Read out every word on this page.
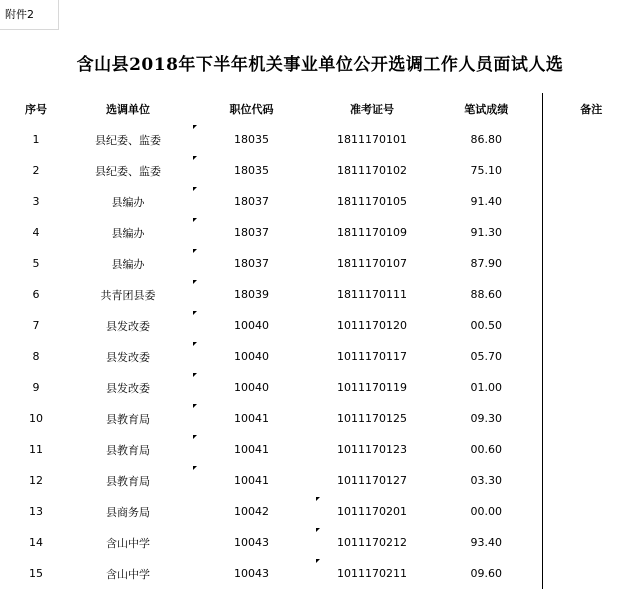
附件2
含山县2018年下半年机关事业单位公开选调工作人员面试人选
序号	选调单位	职位代码	准考证号	笔试成绩	备注
1	县纪委、监委	18035	1811170101	86.80	
2	县纪委、监委	18035	1811170102	75.10	
3	县编办	18037	1811170105	91.40	
4	县编办	18037	1811170109	91.30	
5	县编办	18037	1811170107	87.90	
6	共青团县委	18039	1811170111	88.60	
7	县发改委	10040	1011170120	00.50	
8	县发改委	10040	1011170117	05.70	
9	县发改委	10040	1011170119	01.00	
10	县教育局	10041	1011170125	09.30	
11	县教育局	10041	1011170123	00.60	
12	县教育局	10041	1011170127	03.30	
13	县商务局	10042	1011170201	00.00	
14	含山中学	10043	1011170212	93.40	
15	含山中学	10043	1011170211	09.60	
